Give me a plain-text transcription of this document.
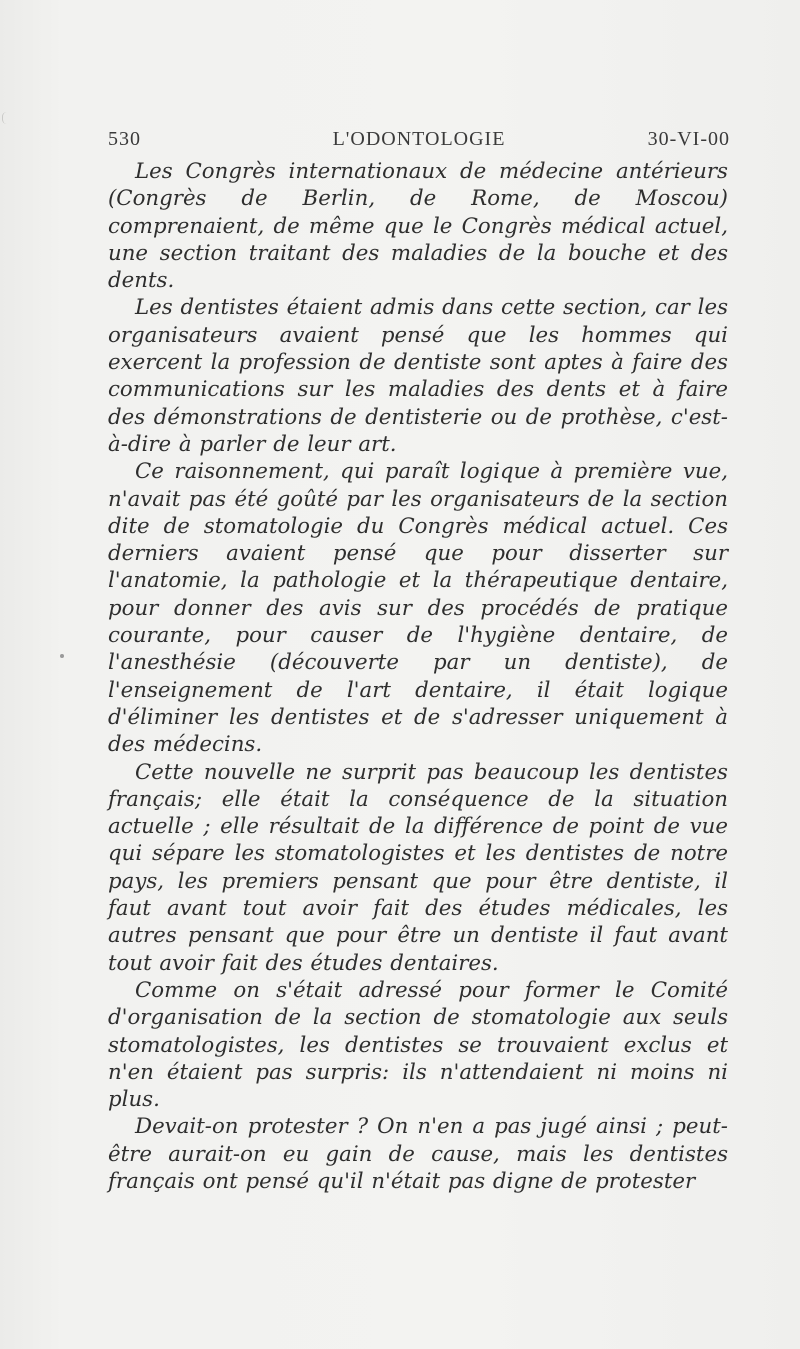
530	L'ODONTOLOGIE	30-VI-00

Les Congrès internationaux de médecine antérieurs (Congrès de Berlin, de Rome, de Moscou) comprenaient, de même que le Congrès médical actuel, une section traitant des maladies de la bouche et des dents.

Les dentistes étaient admis dans cette section, car les organisateurs avaient pensé que les hommes qui exercent la profession de dentiste sont aptes à faire des communications sur les maladies des dents et à faire des démonstrations de dentisterie ou de prothèse, c'est-à-dire à parler de leur art.

Ce raisonnement, qui paraît logique à première vue, n'avait pas été goûté par les organisateurs de la section dite de stomatologie du Congrès médical actuel. Ces derniers avaient pensé que pour disserter sur l'anatomie, la pathologie et la thérapeutique dentaire, pour donner des avis sur des procédés de pratique courante, pour causer de l'hygiène dentaire, de l'anesthésie (découverte par un dentiste), de l'enseignement de l'art dentaire, il était logique d'éliminer les dentistes et de s'adresser uniquement à des médecins.

Cette nouvelle ne surprit pas beaucoup les dentistes français; elle était la conséquence de la situation actuelle ; elle résultait de la différence de point de vue qui sépare les stomatologistes et les dentistes de notre pays, les premiers pensant que pour être dentiste, il faut avant tout avoir fait des études médicales, les autres pensant que pour être un dentiste il faut avant tout avoir fait des études dentaires.

Comme on s'était adressé pour former le Comité d'organisation de la section de stomatologie aux seuls stomatologistes, les dentistes se trouvaient exclus et n'en étaient pas surpris: ils n'attendaient ni moins ni plus.

Devait-on protester ? On n'en a pas jugé ainsi ; peut-être aurait-on eu gain de cause, mais les dentistes français ont pensé qu'il n'était pas digne de protester
